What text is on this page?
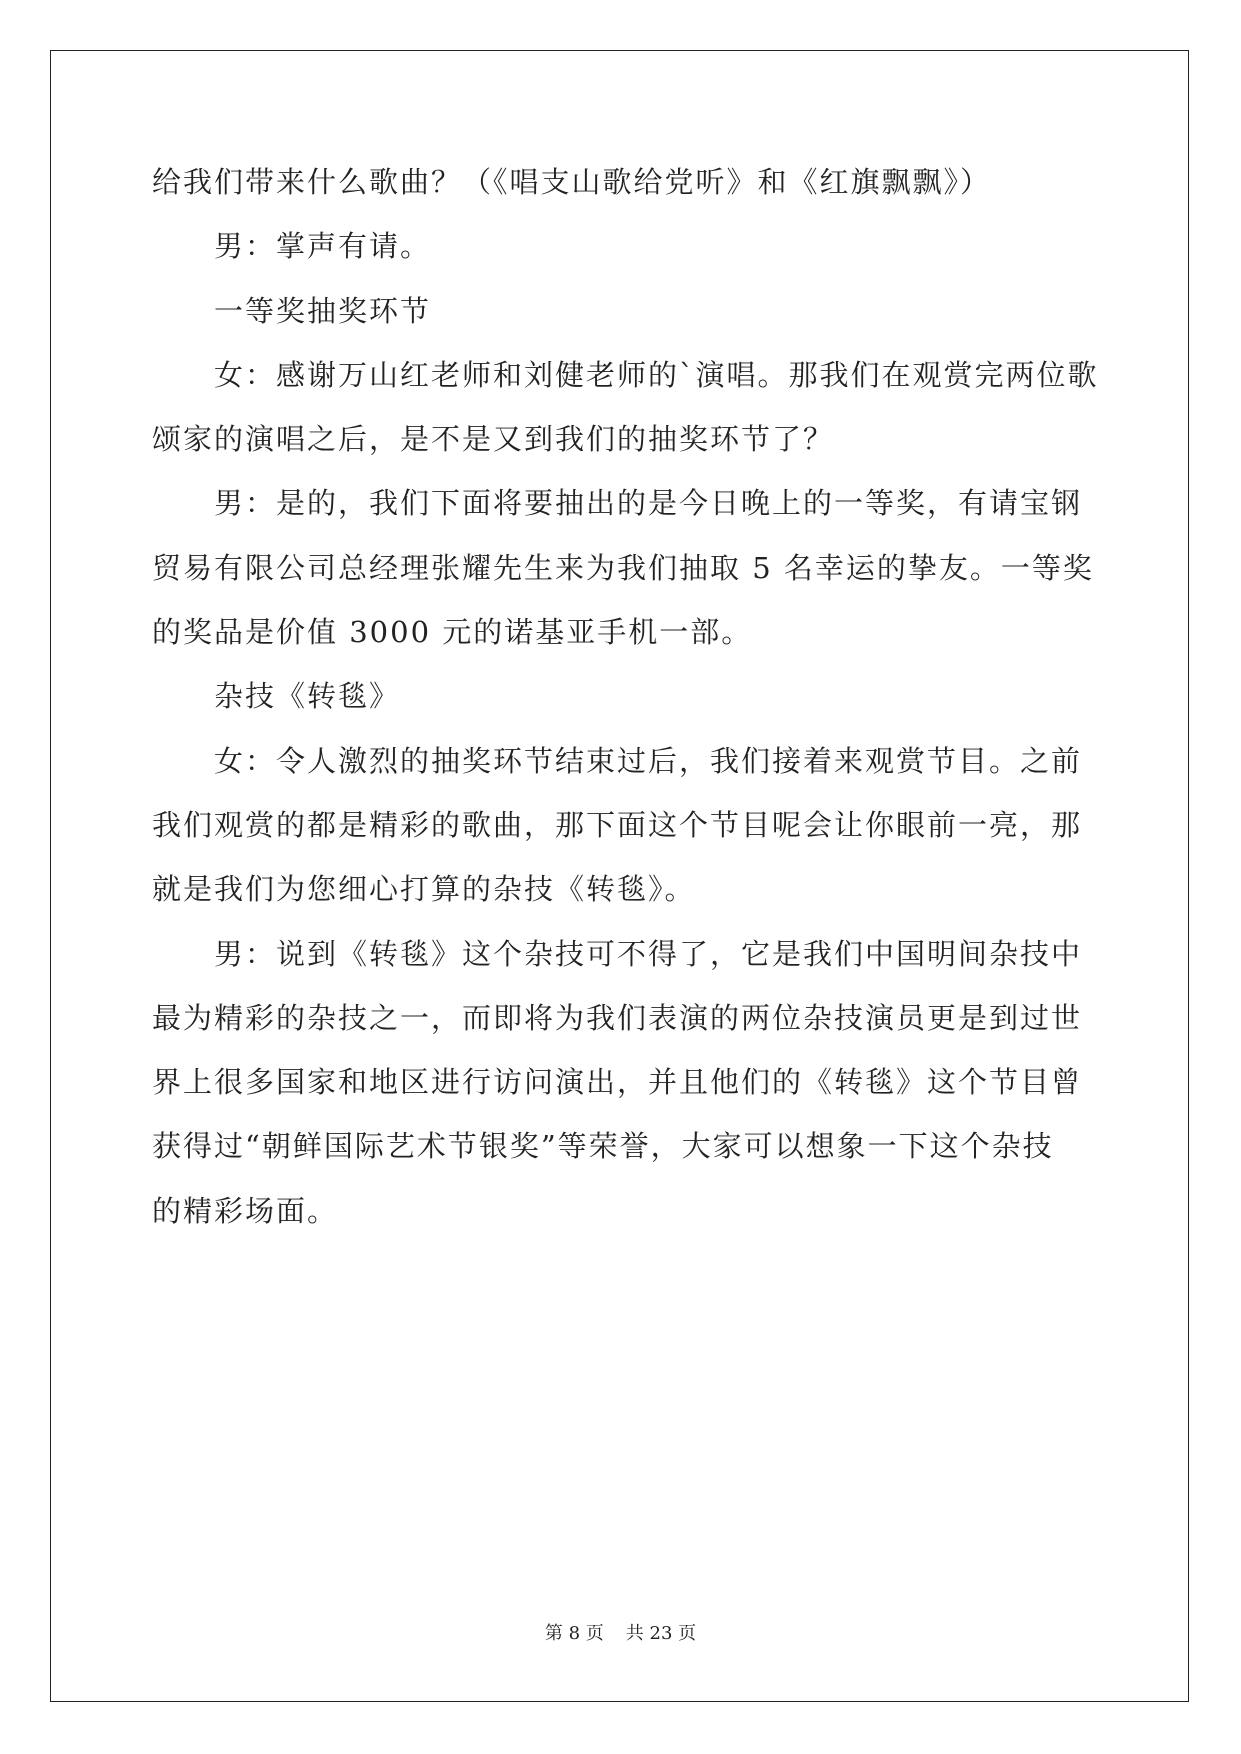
给我们带来什么歌曲？（《唱支山歌给党听》和《红旗飘飘》）
男：掌声有请。
一等奖抽奖环节
女：感谢万山红老师和刘健老师的`演唱。那我们在观赏完两位歌
颂家的演唱之后，是不是又到我们的抽奖环节了？
男：是的，我们下面将要抽出的是今日晚上的一等奖，有请宝钢
贸易有限公司总经理张耀先生来为我们抽取 5 名幸运的挚友。一等奖
的奖品是价值 3000 元的诺基亚手机一部。
杂技《转毯》
女：令人激烈的抽奖环节结束过后，我们接着来观赏节目。之前
我们观赏的都是精彩的歌曲，那下面这个节目呢会让你眼前一亮，那
就是我们为您细心打算的杂技《转毯》。
男：说到《转毯》这个杂技可不得了，它是我们中国明间杂技中
最为精彩的杂技之一，而即将为我们表演的两位杂技演员更是到过世
界上很多国家和地区进行访问演出，并且他们的《转毯》这个节目曾
获得过“朝鲜国际艺术节银奖”等荣誉，大家可以想象一下这个杂技
的精彩场面。
第 8 页 共 23 页
